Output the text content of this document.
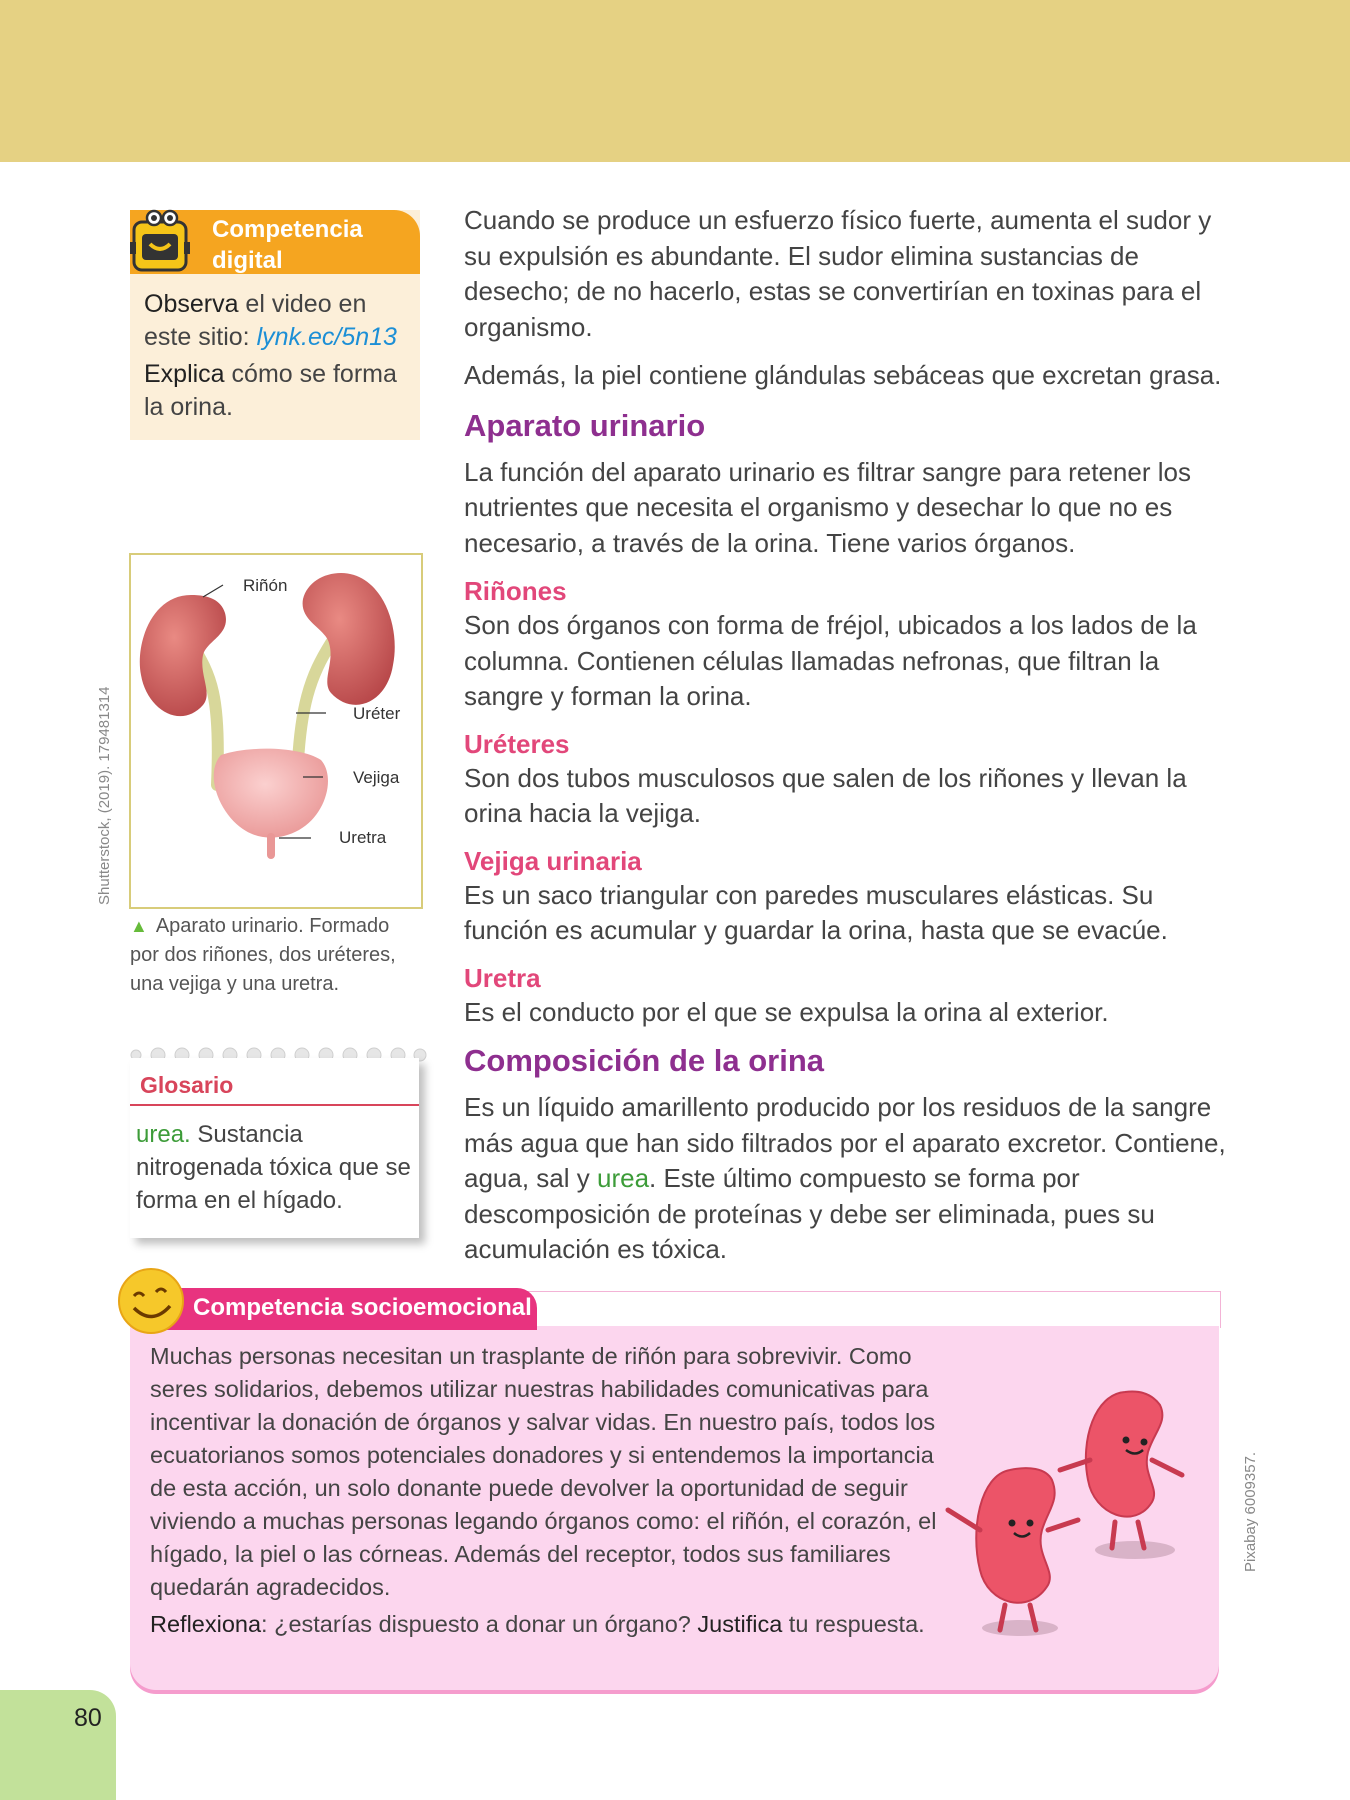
Competencia
digital

Observa el video en este sitio: lynk.ec/5n13

Explica cómo se forma la orina.

Riñón
Uréter
Vejiga
Uretra
Shutterstock, (2019). 179481314
▲ Aparato urinario. Formado por dos riñones, dos uréteres, una vejiga y una uretra.
Glosario
urea. Sustancia nitrogenada tóxica que se forma en el hígado.

Cuando se produce un esfuerzo físico fuerte, aumenta el sudor y su expulsión es abundante. El sudor elimina sustancias de desecho; de no hacerlo, estas se convertirían en toxinas para el organismo.

Además, la piel contiene glándulas sebáceas que excretan grasa.

Aparato urinario

La función del aparato urinario es filtrar sangre para retener los nutrientes que necesita el organismo y desechar lo que no es necesario, a través de la orina. Tiene varios órganos.

Riñones

Son dos órganos con forma de fréjol, ubicados a los lados de la columna. Contienen células llamadas nefronas, que filtran la sangre y forman la orina.

Uréteres

Son dos tubos musculosos que salen de los riñones y llevan la orina hacia la vejiga.

Vejiga urinaria

Es un saco triangular con paredes musculares elásticas. Su función es acumular y guardar la orina, hasta que se evacúe.

Uretra

Es el conducto por el que se expulsa la orina al exterior.

Composición de la orina

Es un líquido amarillento producido por los residuos de la sangre más agua que han sido filtrados por el aparato excretor. Contiene, agua, sal y urea. Este último compuesto se forma por descomposición de proteínas y debe ser eliminada, pues su acumulación es tóxica.

Competencia socioemocional

Muchas personas necesitan un trasplante de riñón para sobrevivir. Como seres solidarios, debemos utilizar nuestras habilidades comunicativas para incentivar la donación de órganos y salvar vidas. En nuestro país, todos los ecuatorianos somos potenciales donadores y si entendemos la importancia de esta acción, un solo donante puede devolver la oportunidad de seguir viviendo a muchas personas legando órganos como: el riñón, el corazón, el hígado, la piel o las córneas. Además del receptor, todos sus familiares quedarán agradecidos.

Reflexiona: ¿estarías dispuesto a donar un órgano? Justifica tu respuesta.

Pixabay 6009357.
80
